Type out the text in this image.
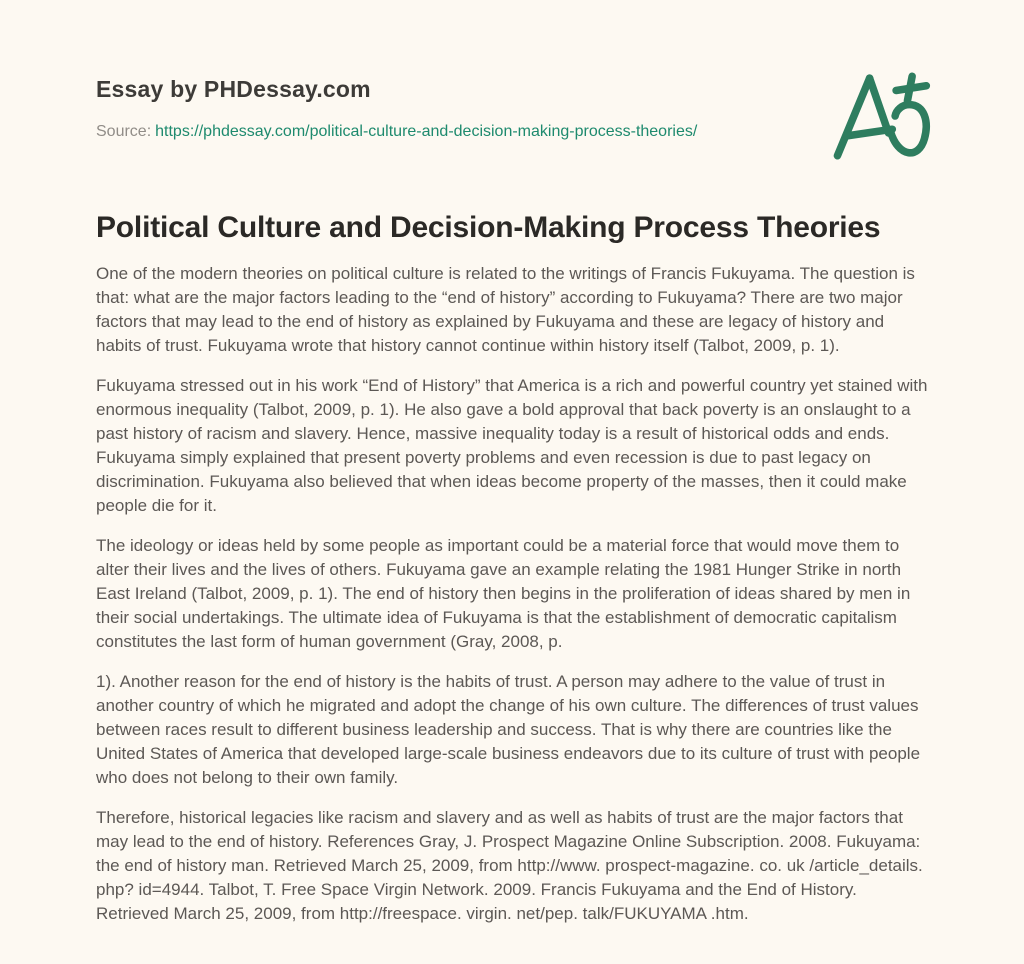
Essay by PHDessay.com
Source: https://phdessay.com/political-culture-and-decision-making-process-theories/
Political Culture and Decision-Making Process Theories

One of the modern theories on political culture is related to the writings of Francis Fukuyama. The question is that: what are the major factors leading to the “end of history” according to Fukuyama? There are two major factors that may lead to the end of history as explained by Fukuyama and these are legacy of history and habits of trust. Fukuyama wrote that history cannot continue within history itself (Talbot, 2009, p. 1).

Fukuyama stressed out in his work “End of History” that America is a rich and powerful country yet stained with enormous inequality (Talbot, 2009, p. 1). He also gave a bold approval that back poverty is an onslaught to a past history of racism and slavery. Hence, massive inequality today is a result of historical odds and ends. Fukuyama simply explained that present poverty problems and even recession is due to past legacy on discrimination. Fukuyama also believed that when ideas become property of the masses, then it could make people die for it.

The ideology or ideas held by some people as important could be a material force that would move them to alter their lives and the lives of others. Fukuyama gave an example relating the 1981 Hunger Strike in north East Ireland (Talbot, 2009, p. 1). The end of history then begins in the proliferation of ideas shared by men in their social undertakings. The ultimate idea of Fukuyama is that the establishment of democratic capitalism constitutes the last form of human government (Gray, 2008, p.

1). Another reason for the end of history is the habits of trust. A person may adhere to the value of trust in another country of which he migrated and adopt the change of his own culture. The differences of trust values between races result to different business leadership and success. That is why there are countries like the United States of America that developed large-scale business endeavors due to its culture of trust with people who does not belong to their own family.

Therefore, historical legacies like racism and slavery and as well as habits of trust are the major factors that may lead to the end of history. References Gray, J. Prospect Magazine Online Subscription. 2008. Fukuyama: the end of history man. Retrieved March 25, 2009, from http://www. prospect-magazine. co. uk /article_details. php? id=4944. Talbot, T. Free Space Virgin Network. 2009. Francis Fukuyama and the End of History. Retrieved March 25, 2009, from http://freespace. virgin. net/pep. talk/FUKUYAMA .htm.
